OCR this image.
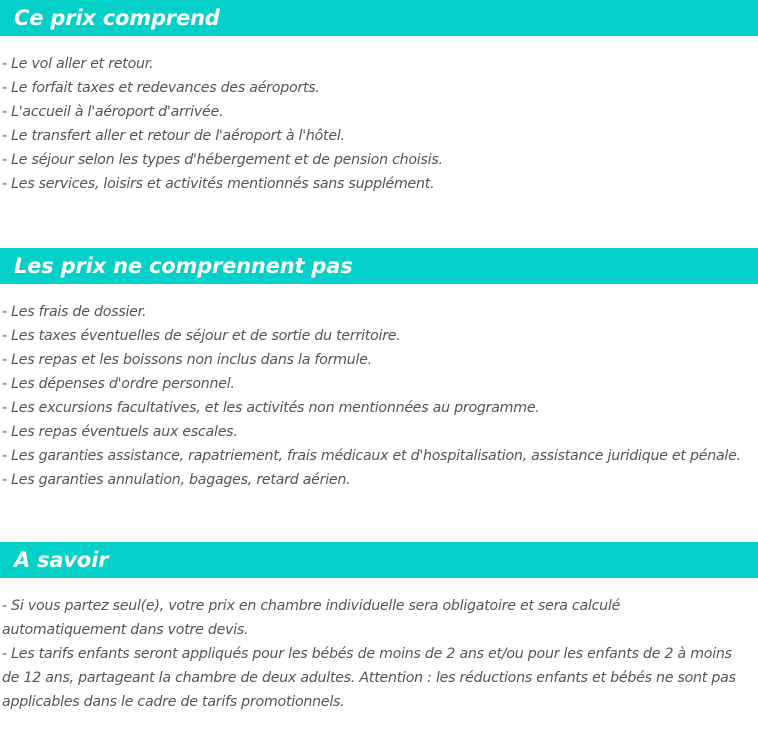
Ce prix comprend
- Le vol aller et retour.
- Le forfait taxes et redevances des aéroports.
- L'accueil à l'aéroport d'arrivée.
- Le transfert aller et retour de l'aéroport à l'hôtel.
- Le séjour selon les types d'hébergement et de pension choisis.
- Les services, loisirs et activités mentionnés sans supplément.
Les prix ne comprennent pas
- Les frais de dossier.
- Les taxes éventuelles de séjour et de sortie du territoire.
- Les repas et les boissons non inclus dans la formule.
- Les dépenses d'ordre personnel.
- Les excursions facultatives, et les activités non mentionnées au programme.
- Les repas éventuels aux escales.
- Les garanties assistance, rapatriement, frais médicaux et d'hospitalisation, assistance juridique et pénale.
- Les garanties annulation, bagages, retard aérien.
A savoir
- Si vous partez seul(e), votre prix en chambre individuelle sera obligatoire et sera calculé automatiquement dans votre devis.
- Les tarifs enfants seront appliqués pour les bébés de moins de 2 ans et/ou pour les enfants de 2 à moins de 12 ans, partageant la chambre de deux adultes. Attention : les réductions enfants et bébés ne sont pas applicables dans le cadre de tarifs promotionnels.
